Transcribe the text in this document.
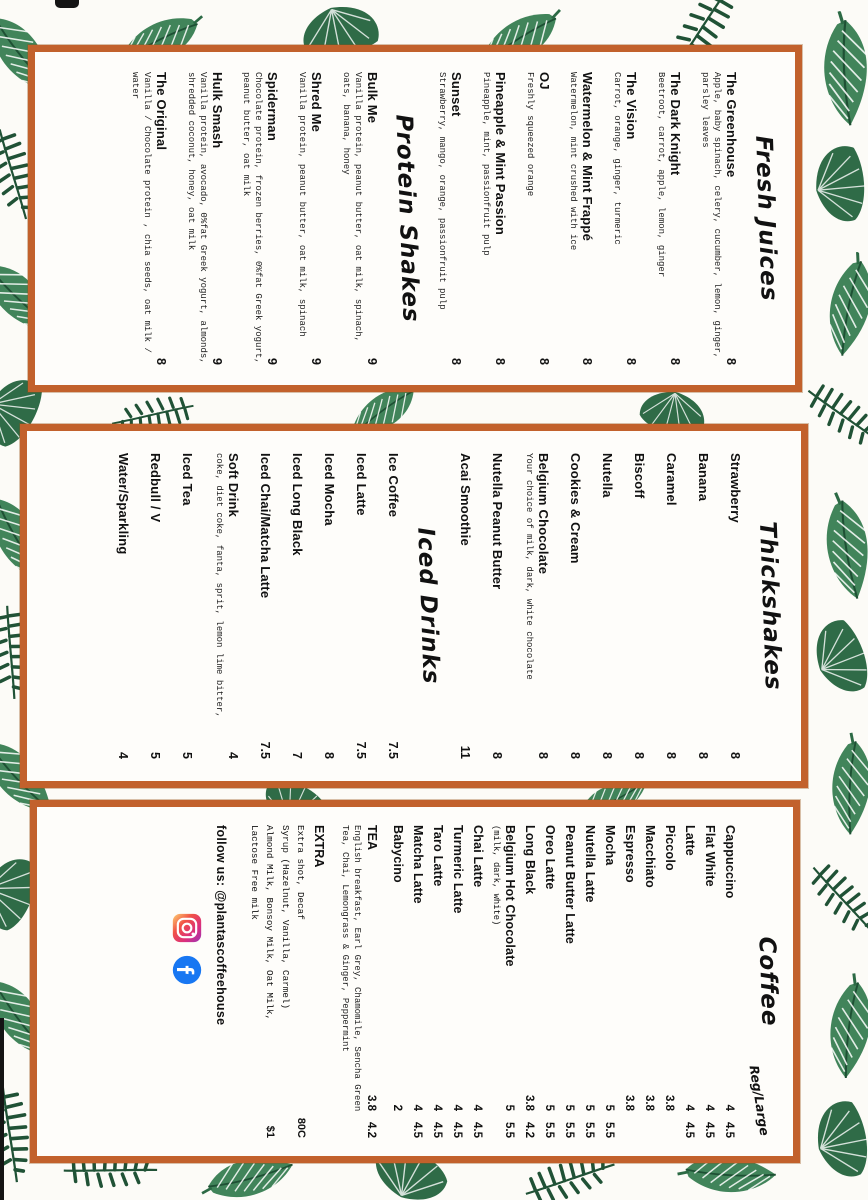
Fresh Juices
The Greenhouse
8
Apple, baby spinach, celery, cucumber, lemon, ginger, parsley leaves
The Dark Knight
8
Beetroot, carrot, apple, lemon, ginger
The Vision
8
Carrot, orange, ginger, turmeric
Watermelon & Mint Frappé
8
Watermelon, mint crushed with ice
OJ
8
Freshly squeezed orange
Pineapple & Mint Passion
8
Pineapple, mint, passionfruit pulp
Sunset
8
Strawberry, mango, orange, passionfruit pulp
Protein Shakes
Bulk Me
9
Vanilla protein, peanut butter, oat milk, spinach, oats, banana, honey
Shred Me
9
Vanilla protein, peanut butter, oat milk, spinach
Spiderman
9
Chocolate protein, frozen berries, 0%fat Greek yogurt, peanut butter, oat milk
Hulk Smash
9
Vanilla protein, avocado, 0%fat Greek yogurt, almonds, shredded coconut, honey, oat milk
The Original
8
Vanilla / Chocolate protein , chia seeds, oat milk / water
Thickshakes
Strawberry
8
Banana
8
Caramel
8
Biscoff
8
Nutella
8
Cookies & Cream
8
Belgium Chocolate
8
Your choice of milk, dark, white chocolate
Nutella Peanut Butter
8
Acai Smoothie
11
Iced Drinks
Ice Coffee
7.5
Iced Latte
7.5
Iced Mocha
8
Iced Long Black
7
Iced Chai/Matcha Latte
7.5
Soft Drink
4
coke, diet coke, fanta, sprit, lemon lime bitter,
Iced Tea
5
Redbull / V
5
Water/Sparkling
4
Coffee
Reg/Large
Cappuccino
4
4.5
Flat White
4
4.5
Latte
4
4.5
Piccolo
3.8
Macchiato
3.8
Espresso
3.8
Mocha
5
5.5
Nutella Latte
5
5.5
Peanut Butter Latte
5
5.5
Oreo Latte
5
5.5
Long Black
3.8
4.2
Belgium Hot Chocolate
5
5.5
(milk, dark, white)
Chai Latte
4
4.5
Turmeric Latte
4
4.5
Taro Latte
4
4.5
Matcha Latte
4
4.5
Babycino
2
TEA
3.8
4.2
English breakfast, Earl Grey, Chamomile, Sencha Green Tea, Chai, Lemongrass & Ginger, Peppermint
EXTRA
Extra shot, Decaf
80C
Syrup (Hazelnut, Vanilla, Carmel)
Almond Milk, Bonsoy Milk, Oat Milk,
$1
Lactose Free milk
follow us: @plantascoffeehouse
